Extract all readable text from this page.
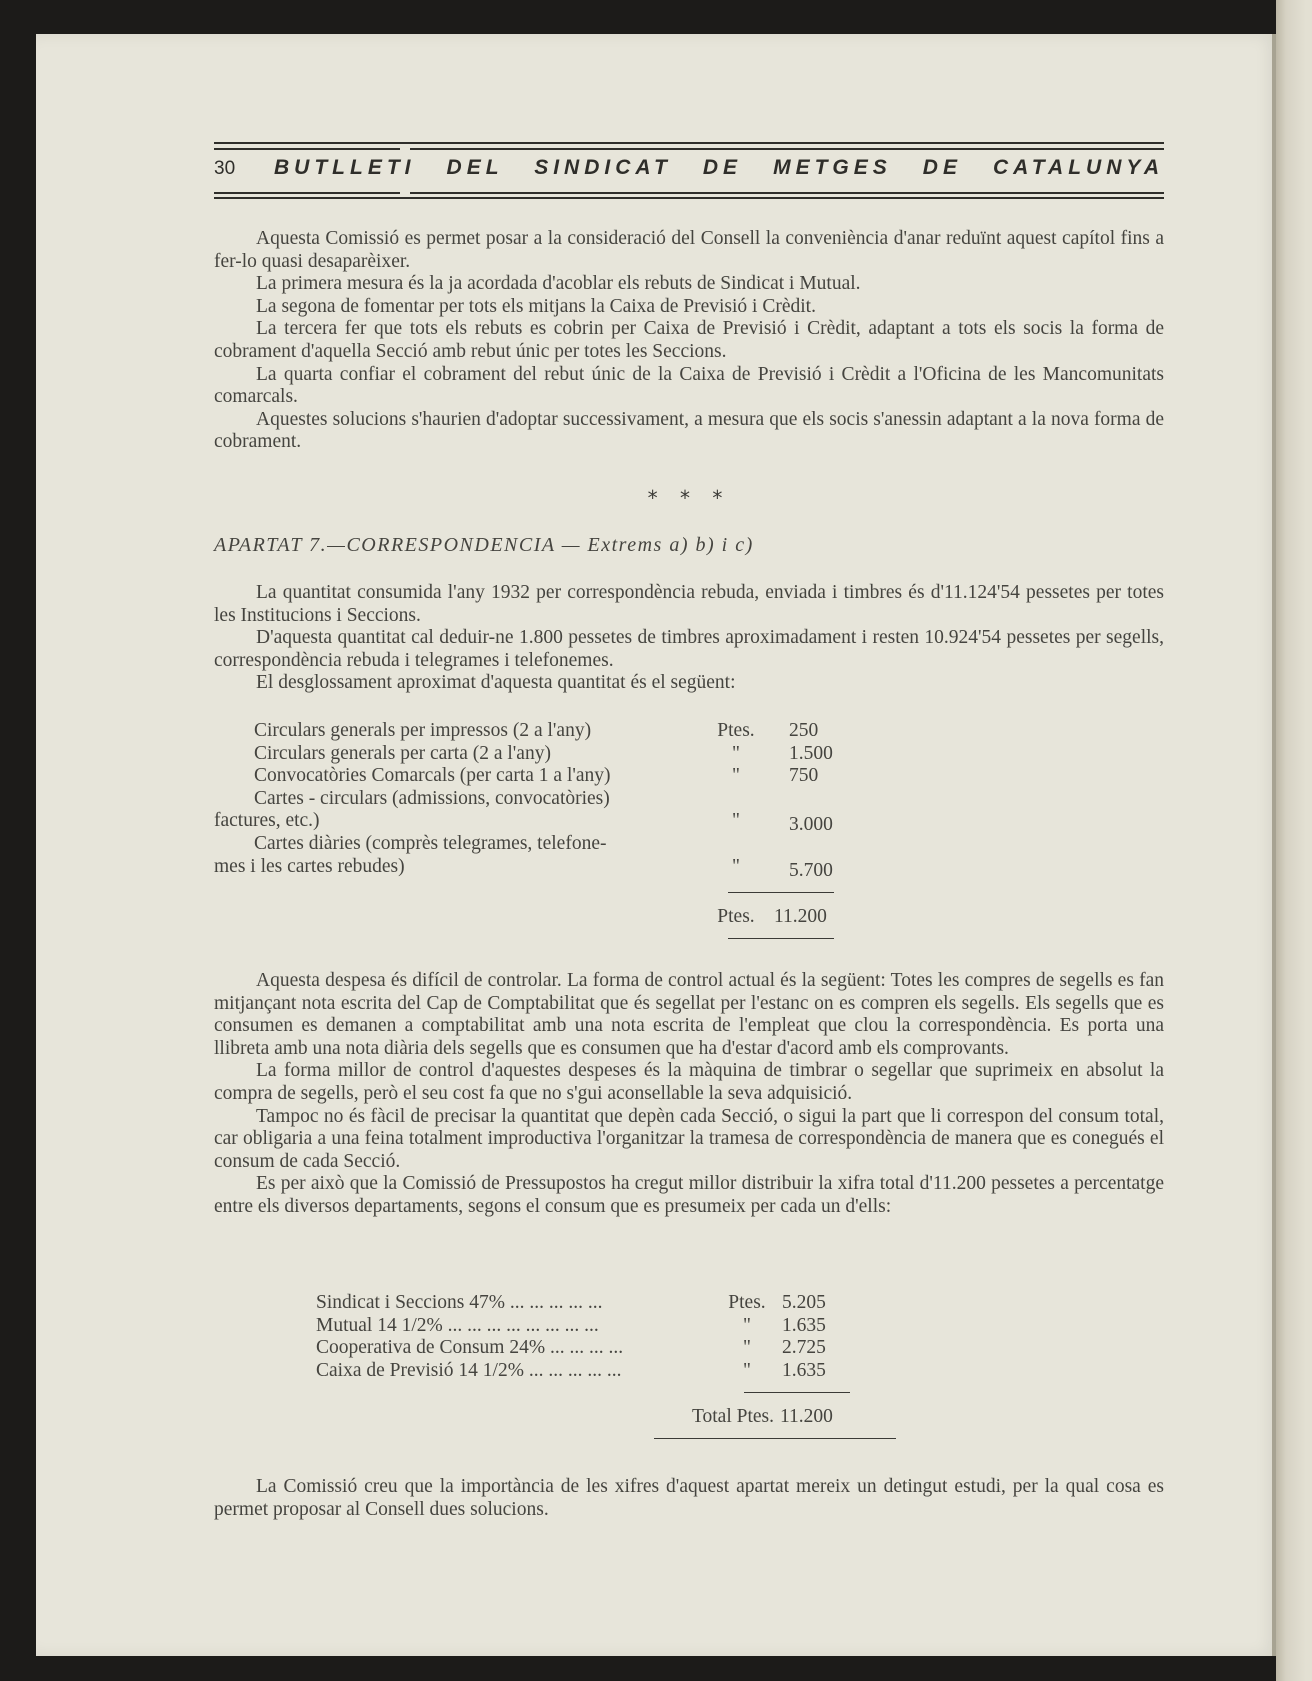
30	BUTLLETI DEL SINDICAT DE METGES DE CATALUNYA

Aquesta Comissió es permet posar a la consideració del Consell la conveniència d'anar reduïnt aquest capítol fins a fer-lo quasi desaparèixer.

La primera mesura és la ja acordada d'acoblar els rebuts de Sindicat i Mutual.

La segona de fomentar per tots els mitjans la Caixa de Previsió i Crèdit.

La tercera fer que tots els rebuts es cobrin per Caixa de Previsió i Crèdit, adaptant a tots els socis la forma de cobrament d'aquella Secció amb rebut únic per totes les Seccions.

La quarta confiar el cobrament del rebut únic de la Caixa de Previsió i Crèdit a l'Oficina de les Mancomunitats comarcals.

Aquestes solucions s'haurien d'adoptar successivament, a mesura que els socis s'anessin adaptant a la nova forma de cobrament.

* * *
APARTAT 7.—CORRESPONDENCIA — Extrems a) b) i c)

La quantitat consumida l'any 1932 per correspondència rebuda, enviada i timbres és d'11.124'54 pessetes per totes les Institucions i Seccions.

D'aquesta quantitat cal deduir-ne 1.800 pessetes de timbres aproximadament i resten 10.924'54 pessetes per segells, correspondència rebuda i telegrames i telefonemes.

El desglossament aproximat d'aquesta quantitat és el següent:

Circulars generals per impressos (2 a l'any)	Ptes.	250
Circulars generals per carta (2 a l'any)	"	1.500
Convocatòries Comarcals (per carta 1 a l'any)	"	750
Cartes - circulars (admissions, convocatòries)
factures, etc.)	"	3.000
Cartes diàries (comprès telegrames, telefone-
mes i les cartes rebudes)	"	5.700
Ptes. 11.200

Aquesta despesa és difícil de controlar. La forma de control actual és la següent: Totes les compres de segells es fan mitjançant nota escrita del Cap de Comptabilitat que és segellat per l'estanc on es compren els segells. Els segells que es consumen es demanen a comptabilitat amb una nota escrita de l'empleat que clou la correspondència. Es porta una llibreta amb una nota diària dels segells que es consumen que ha d'estar d'acord amb els comprovants.

La forma millor de control d'aquestes despeses és la màquina de timbrar o segellar que suprimeix en absolut la compra de segells, però el seu cost fa que no s'gui aconsellable la seva adquisició.

Tampoc no és fàcil de precisar la quantitat que depèn cada Secció, o sigui la part que li correspon del consum total, car obligaria a una feina totalment improductiva l'organitzar la tramesa de correspondència de manera que es conegués el consum de cada Secció.

Es per això que la Comissió de Pressupostos ha cregut millor distribuir la xifra total d'11.200 pessetes a percentatge entre els diversos departaments, segons el consum que es presumeix per cada un d'ells:

Sindicat i Seccions 47% ... ... ... ... ...	Ptes. 5.205
Mutual 14 1/2% ... ... ... ... ... ... ... ...	"	1.635
Cooperativa de Consum 24% ... ... ... ...	"	2.725
Caixa de Previsió 14 1/2% ... ... ... ... ...	"	1.635
Total Ptes. 11.200

La Comissió creu que la importància de les xifres d'aquest apartat mereix un detingut estudi, per la qual cosa es permet proposar al Consell dues solucions.
